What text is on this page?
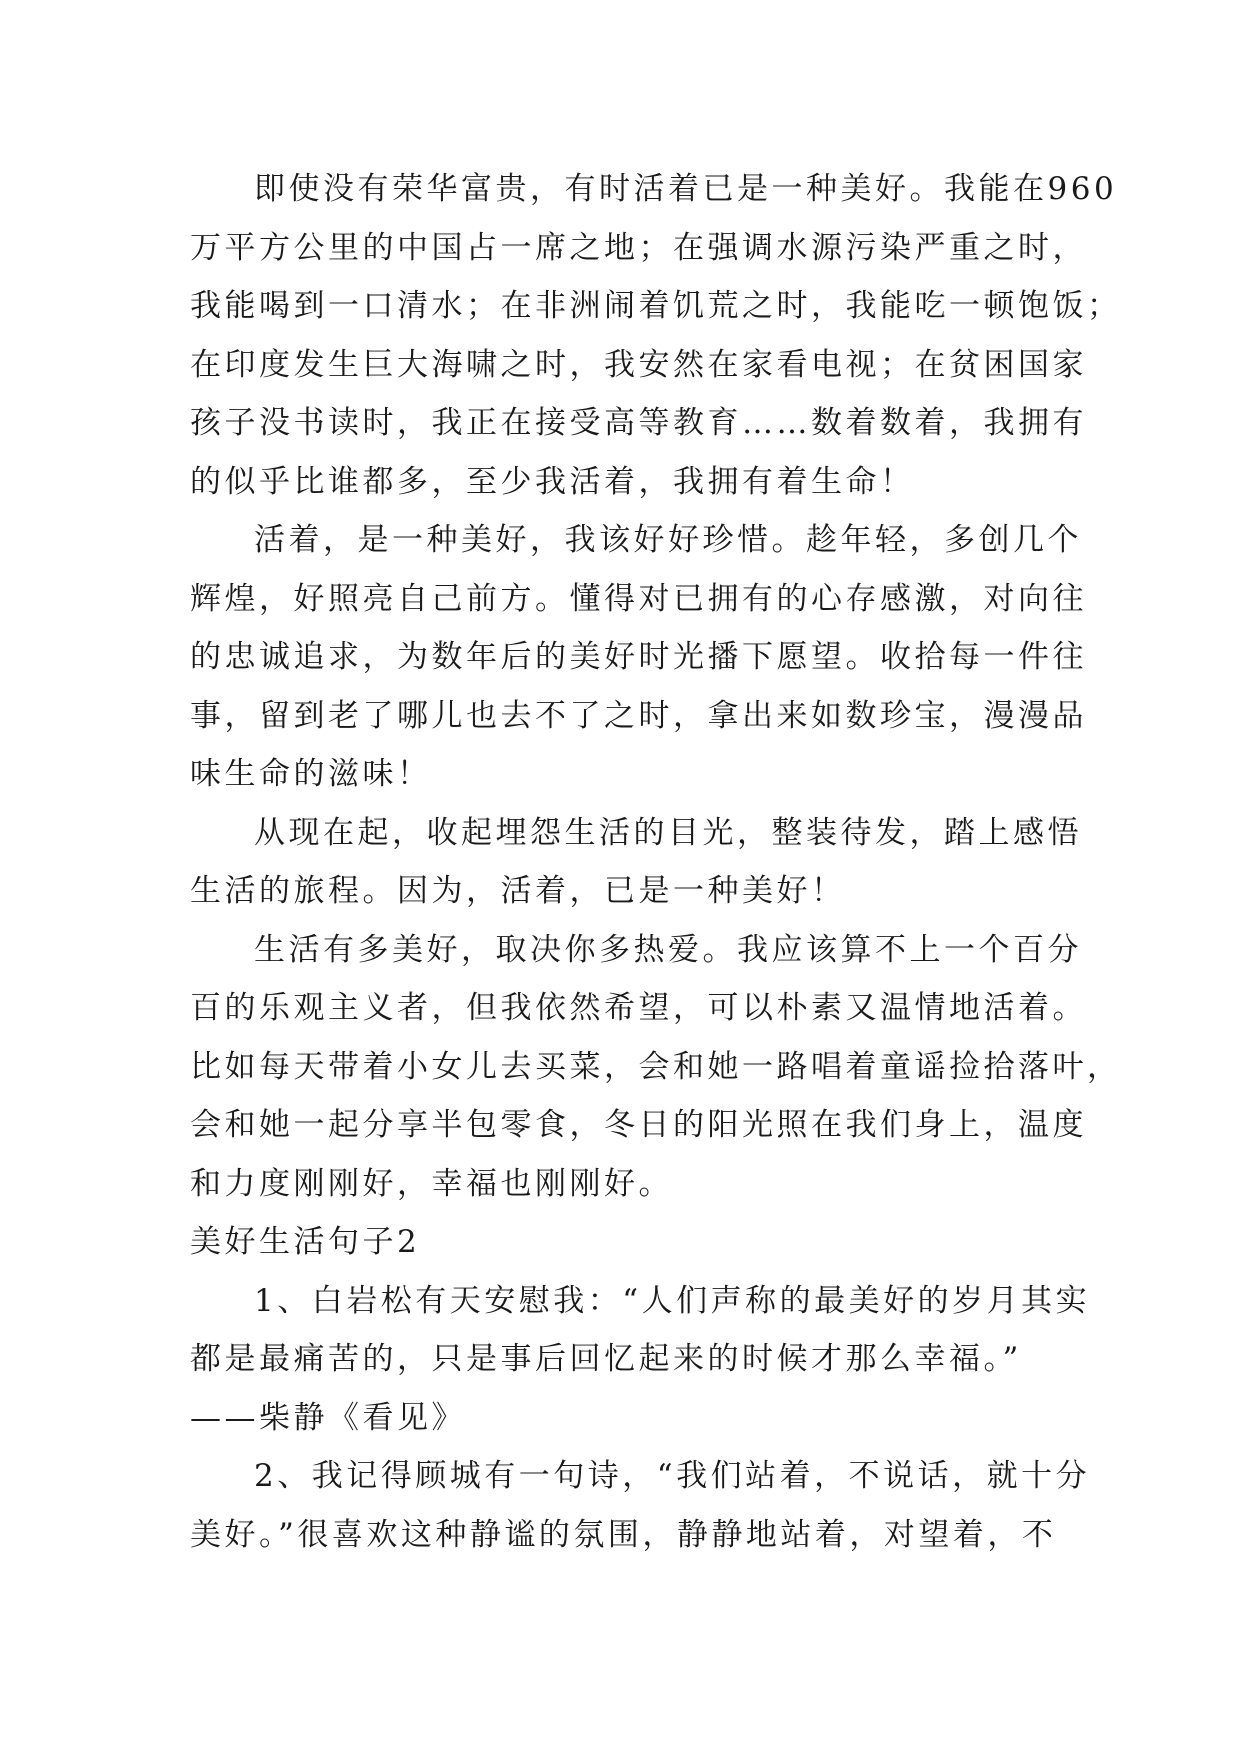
即使没有荣华富贵，有时活着已是一种美好。我能在960
万平方公里的中国占一席之地；在强调水源污染严重之时，
我能喝到一口清水；在非洲闹着饥荒之时，我能吃一顿饱饭；
在印度发生巨大海啸之时，我安然在家看电视；在贫困国家
孩子没书读时，我正在接受高等教育……数着数着，我拥有
的似乎比谁都多，至少我活着，我拥有着生命！
活着，是一种美好，我该好好珍惜。趁年轻，多创几个
辉煌，好照亮自己前方。懂得对已拥有的心存感激，对向往
的忠诚追求，为数年后的美好时光播下愿望。收拾每一件往
事，留到老了哪儿也去不了之时，拿出来如数珍宝，漫漫品
味生命的滋味！
从现在起，收起埋怨生活的目光，整装待发，踏上感悟
生活的旅程。因为，活着，已是一种美好！
生活有多美好，取决你多热爱。我应该算不上一个百分
百的乐观主义者，但我依然希望，可以朴素又温情地活着。
比如每天带着小女儿去买菜，会和她一路唱着童谣捡拾落叶，
会和她一起分享半包零食，冬日的阳光照在我们身上，温度
和力度刚刚好，幸福也刚刚好。
美好生活句子2
1、白岩松有天安慰我：“人们声称的最美好的岁月其实
都是最痛苦的，只是事后回忆起来的时候才那么幸福。”
——柴静《看见》
2、我记得顾城有一句诗，“我们站着，不说话，就十分
美好。”很喜欢这种静谧的氛围，静静地站着，对望着，不
